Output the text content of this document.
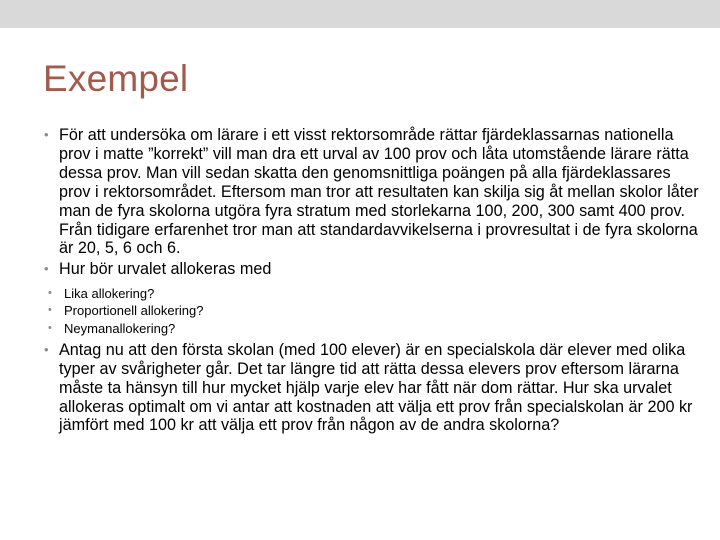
Exempel
• För att undersöka om lärare i ett visst rektorsområde rättar fjärdeklassarnas nationella prov i matte ”korrekt” vill man dra ett urval av 100 prov och låta utomstående lärare rätta dessa prov. Man vill sedan skatta den genomsnittliga poängen på alla fjärdeklassares prov i rektorsområdet. Eftersom man tror att resultaten kan skilja sig åt mellan skolor låter man de fyra skolorna utgöra fyra stratum med storlekarna 100, 200, 300 samt 400 prov. Från tidigare erfarenhet tror man att standardavvikelserna i provresultat i de fyra skolorna är 20, 5, 6 och 6.
• Hur bör urvalet allokeras med
• Lika allokering?
• Proportionell allokering?
• Neymanallokering?
• Antag nu att den första skolan (med 100 elever) är en specialskola där elever med olika typer av svårigheter går. Det tar längre tid att rätta dessa elevers prov eftersom lärarna måste ta hänsyn till hur mycket hjälp varje elev har fått när dom rättar. Hur ska urvalet allokeras optimalt om vi antar att kostnaden att välja ett prov från specialskolan är 200 kr jämfört med 100 kr att välja ett prov från någon av de andra skolorna?
